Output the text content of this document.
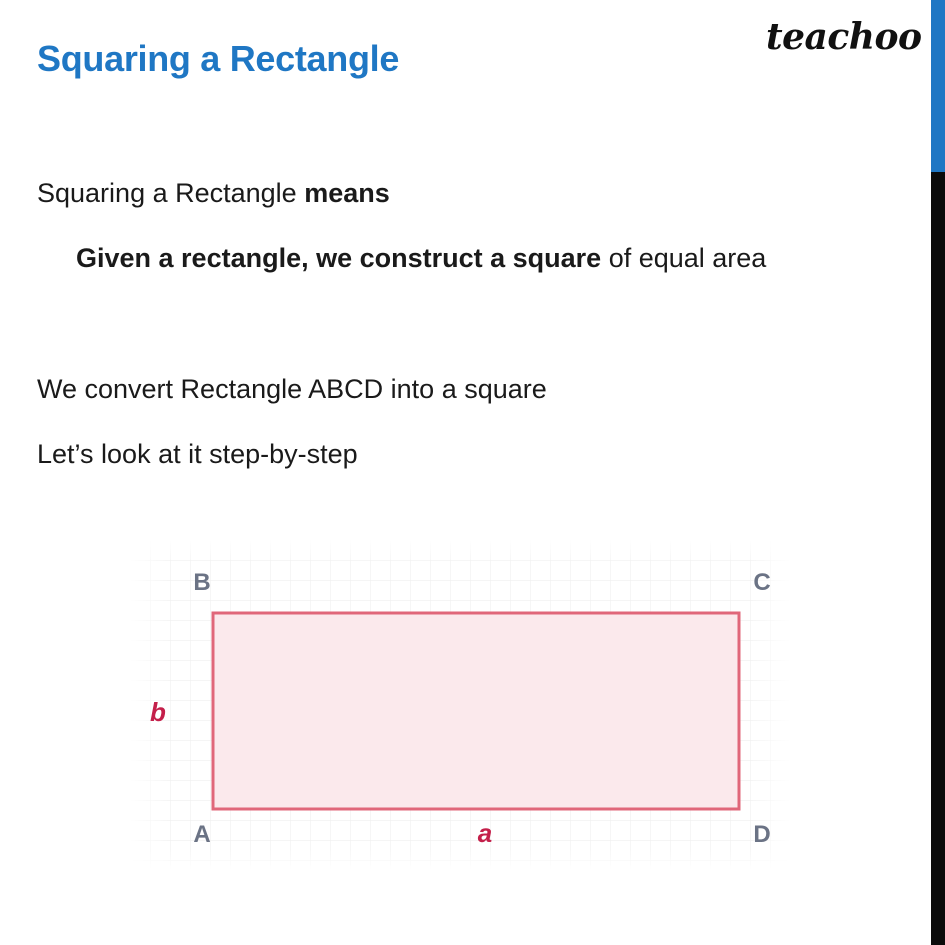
Squaring a Rectangle
teachoo
Squaring a Rectangle means
Given a rectangle, we construct a square of equal area
We convert Rectangle ABCD into a square
Let’s look at it step-by-step
B	C
A	D
b
a
